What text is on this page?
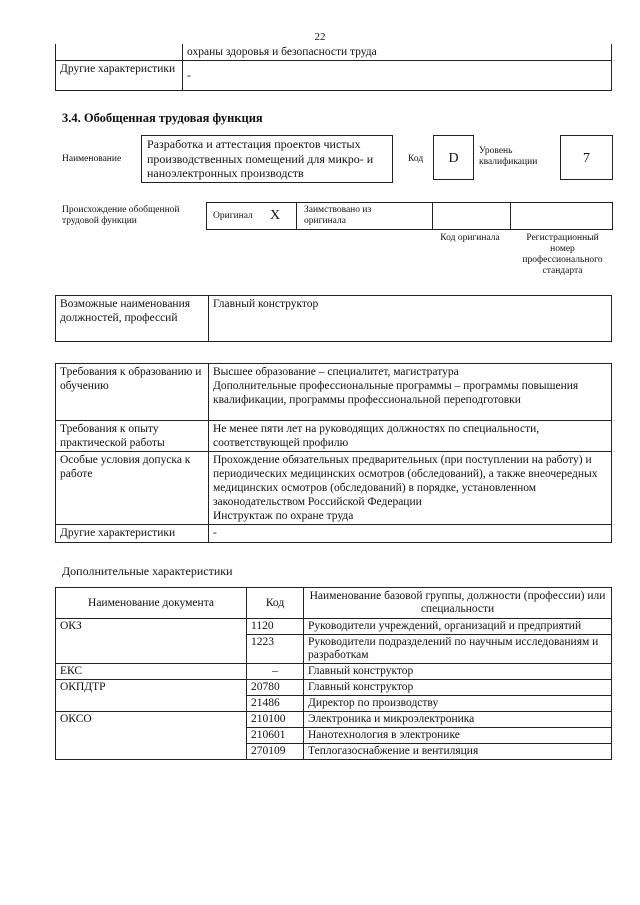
22
	охраны здоровья и безопасности труда
Другие характеристики	-
3.4. Обобщенная трудовая функция
Наименование
Разработка и аттестация проектов чистых производственных помещений для микро- и наноэлектронных производств
Код	D	Уровень квалификации	7
Происхождение обобщенной трудовой функции	Оригинал X	Заимствовано из оригинала
Код оригинала	Регистрационный номер профессионального стандарта
Возможные наименования должностей, профессий	Главный конструктор
Требования к образованию и обучению	Высшее образование – специалитет, магистратура
Дополнительные профессиональные программы – программы повышения квалификации, программы профессиональной переподготовки
Требования к опыту практической работы	Не менее пяти лет на руководящих должностях по специальности, соответствующей профилю
Особые условия допуска к работе	Прохождение обязательных предварительных (при поступлении на работу) и периодических медицинских осмотров (обследований), а также внеочередных медицинских осмотров (обследований) в порядке, установленном законодательством Российской Федерации
Инструктаж по охране труда
Другие характеристики	-
Дополнительные характеристики
Наименование документа	Код	Наименование базовой группы, должности (профессии) или специальности
ОКЗ	1120	Руководители учреждений, организаций и предприятий
	1223	Руководители подразделений по научным исследованиям и разработкам
ЕКС	–	Главный конструктор
ОКПДТР	20780	Главный конструктор
	21486	Директор по производству
ОКСО	210100	Электроника и микроэлектроника
	210601	Нанотехнология в электронике
	270109	Теплогазоснабжение и вентиляция
